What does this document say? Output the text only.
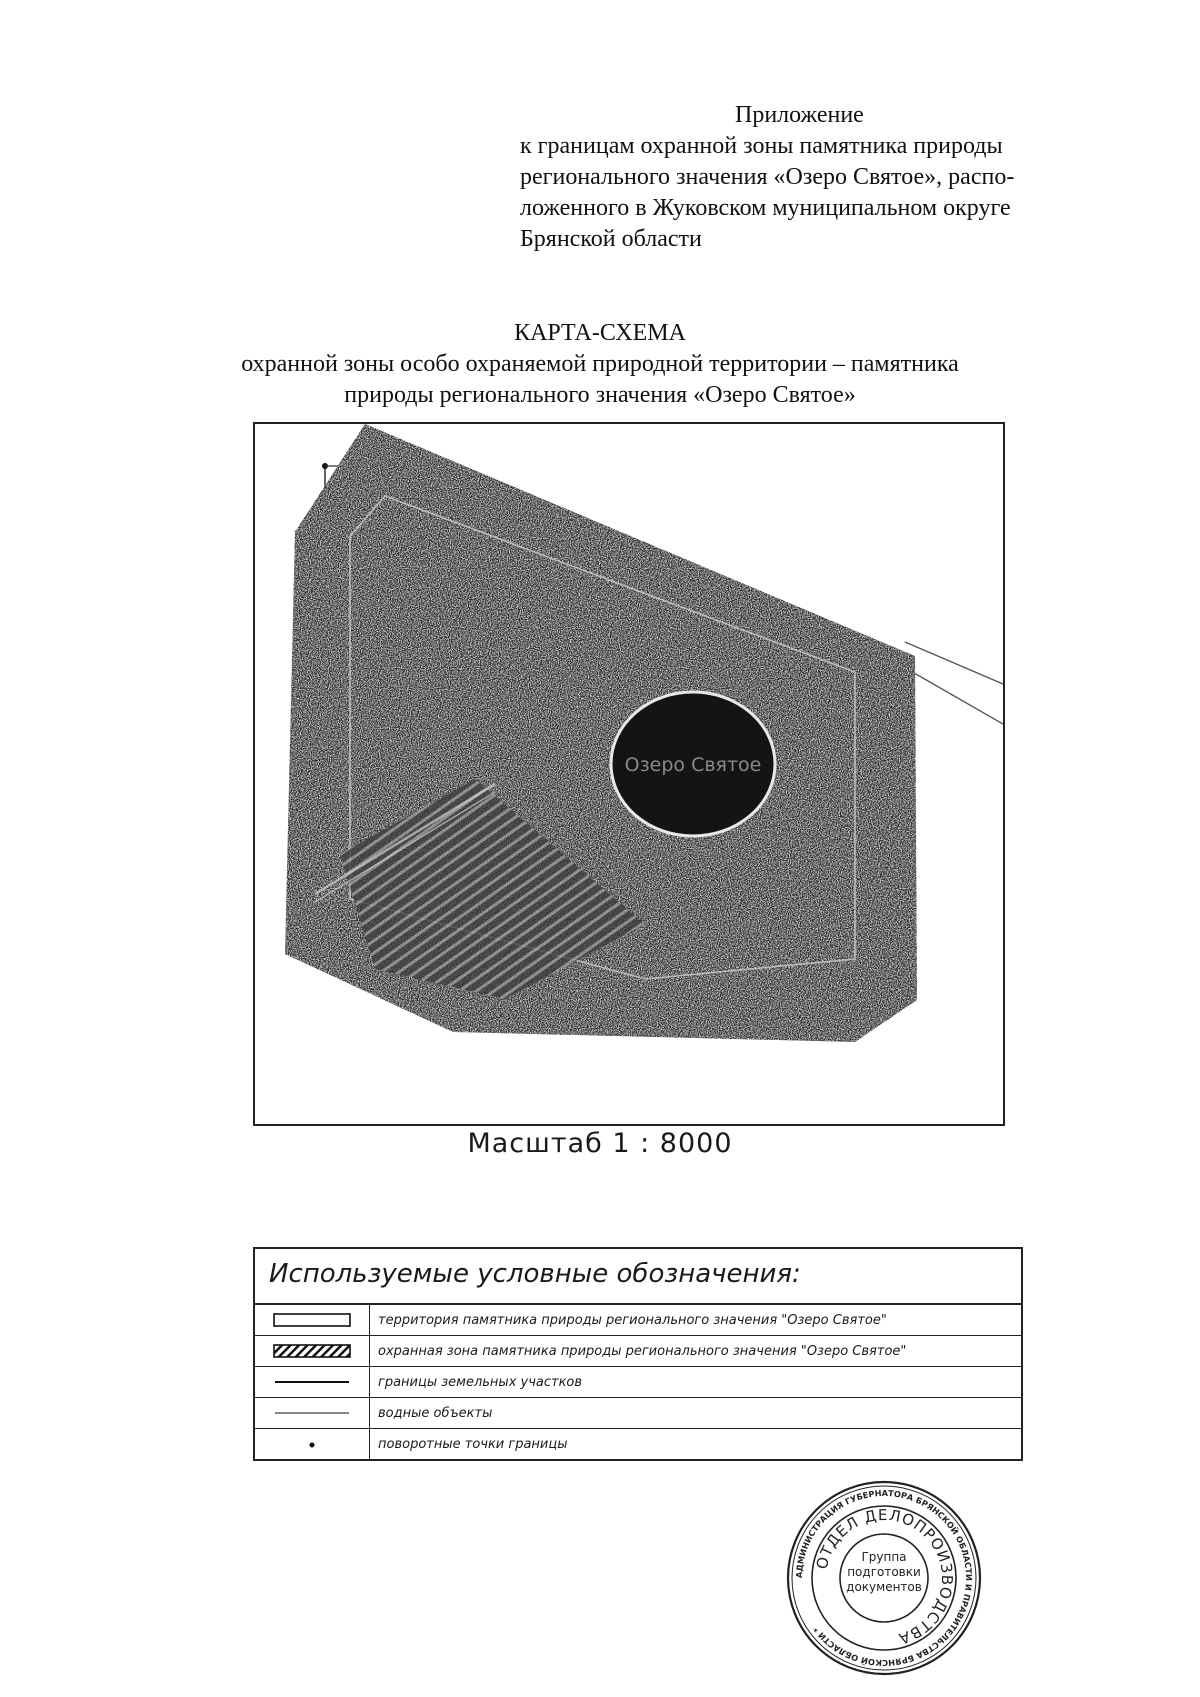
Приложение
к границам охранной зоны памятника природы
регионального значения «Озеро Святое», распо-
ложенного в Жуковском муниципальном округе
Брянской области
КАРТА-СХЕМА
охранной зоны особо охраняемой природной территории – памятника
природы регионального значения «Озеро Святое»
Озеро Святое
Масштаб 1 : 8000
Используемые условные обозначения:
территория памятника природы регионального значения "Озеро Святое"
охранная зона памятника природы регионального значения "Озеро Святое"
границы земельных участков
водные объекты
поворотные точки границы
АДМИНИСТРАЦИЯ ГУБЕРНАТОРА БРЯНСКОЙ ОБЛАСТИ И ПРАВИТЕЛЬСТВА БРЯНСКОЙ ОБЛАСТИ *
ОТДЕЛ ДЕЛОПРОИЗВОДСТВА
Группа
подготовки
документов
